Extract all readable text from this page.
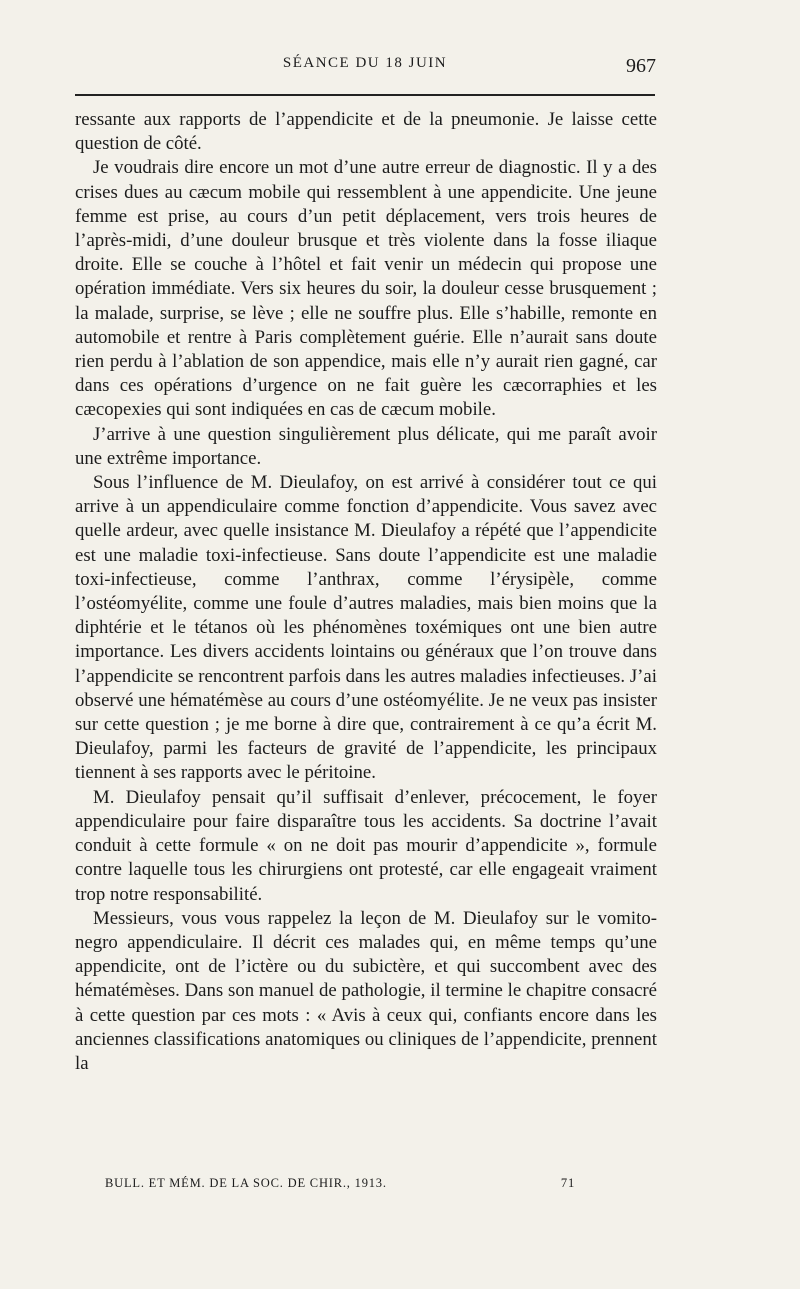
SÉANCE DU 18 JUIN	967

ressante aux rapports de l’appendicite et de la pneumonie. Je laisse cette question de côté.

Je voudrais dire encore un mot d’une autre erreur de diagnostic. Il y a des crises dues au cæcum mobile qui ressemblent à une appendicite. Une jeune femme est prise, au cours d’un petit déplacement, vers trois heures de l’après-midi, d’une douleur brusque et très violente dans la fosse iliaque droite. Elle se couche à l’hôtel et fait venir un médecin qui propose une opération immédiate. Vers six heures du soir, la douleur cesse brusquement ; la malade, surprise, se lève ; elle ne souffre plus. Elle s’habille, remonte en automobile et rentre à Paris complètement guérie. Elle n’aurait sans doute rien perdu à l’ablation de son appendice, mais elle n’y aurait rien gagné, car dans ces opérations d’urgence on ne fait guère les cæcorraphies et les cæcopexies qui sont indiquées en cas de cæcum mobile.

J’arrive à une question singulièrement plus délicate, qui me paraît avoir une extrême importance.

Sous l’influence de M. Dieulafoy, on est arrivé à considérer tout ce qui arrive à un appendiculaire comme fonction d’appendicite. Vous savez avec quelle ardeur, avec quelle insistance M. Dieulafoy a répété que l’appendicite est une maladie toxi-infectieuse. Sans doute l’appendicite est une maladie toxi-infectieuse, comme l’anthrax, comme l’érysipèle, comme l’ostéomyélite, comme une foule d’autres maladies, mais bien moins que la diphtérie et le tétanos où les phénomènes toxémiques ont une bien autre importance. Les divers accidents lointains ou généraux que l’on trouve dans l’appendicite se rencontrent parfois dans les autres maladies infectieuses. J’ai observé une hématémèse au cours d’une ostéomyélite. Je ne veux pas insister sur cette question ; je me borne à dire que, contrairement à ce qu’a écrit M. Dieulafoy, parmi les facteurs de gravité de l’appendicite, les principaux tiennent à ses rapports avec le péritoine.

M. Dieulafoy pensait qu’il suffisait d’enlever, précocement, le foyer appendiculaire pour faire disparaître tous les accidents. Sa doctrine l’avait conduit à cette formule « on ne doit pas mourir d’appendicite », formule contre laquelle tous les chirurgiens ont protesté, car elle engageait vraiment trop notre responsabilité.

Messieurs, vous vous rappelez la leçon de M. Dieulafoy sur le vomito-negro appendiculaire. Il décrit ces malades qui, en même temps qu’une appendicite, ont de l’ictère ou du subictère, et qui succombent avec des hématémèses. Dans son manuel de pathologie, il termine le chapitre consacré à cette question par ces mots : « Avis à ceux qui, confiants encore dans les anciennes classifications anatomiques ou cliniques de l’appendicite, prennent la

BULL. ET MÉM. DE LA SOC. DE CHIR., 1913.	71
